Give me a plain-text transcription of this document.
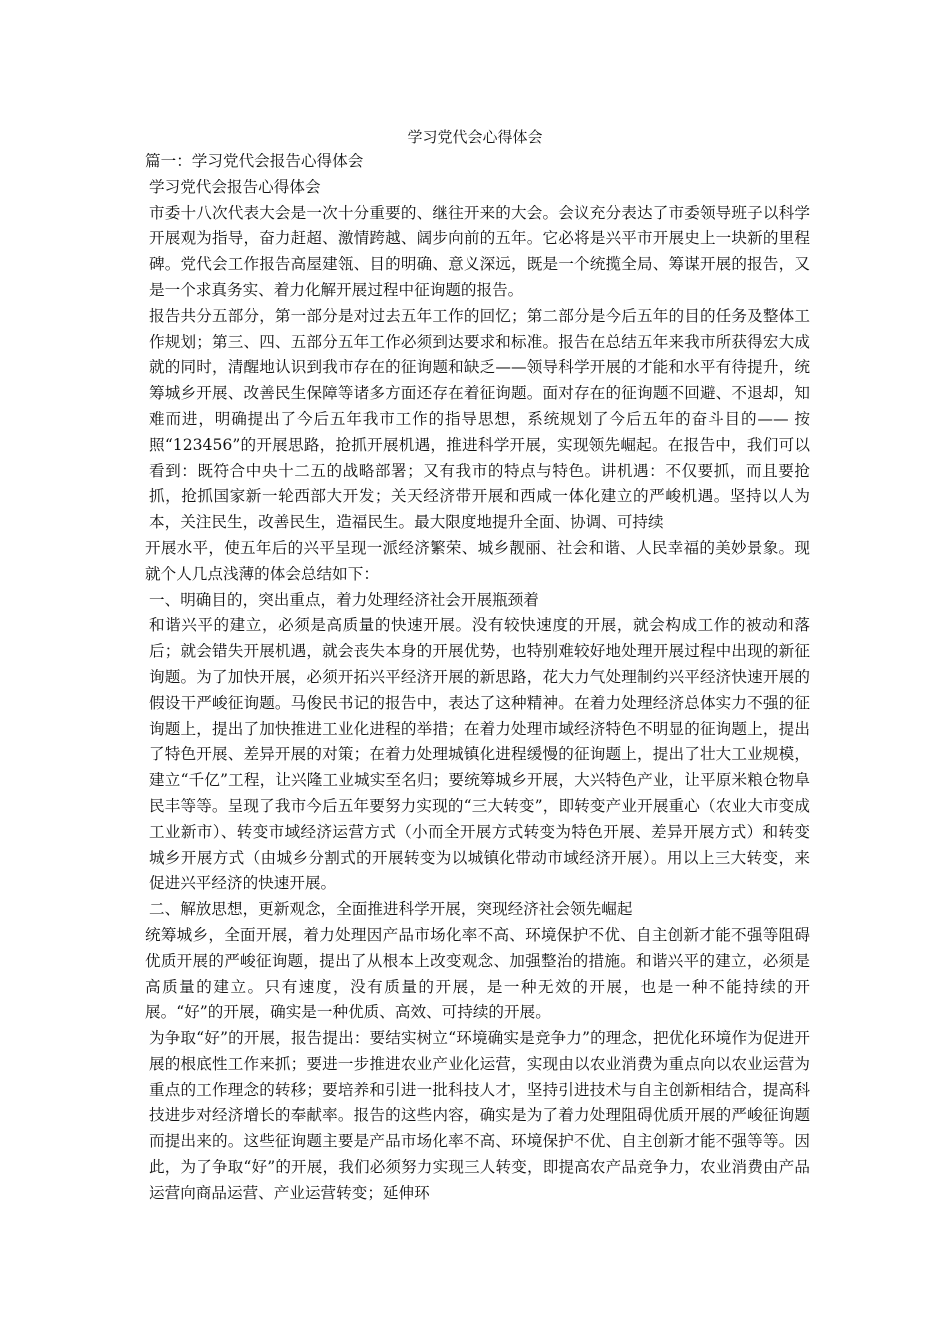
学习党代会心得体会

篇一：学习党代会报告心得体会

学习党代会报告心得体会

市委十八次代表大会是一次十分重要的、继往开来的大会。会议充分表达了市委领导班子以科学开展观为指导，奋力赶超、激情跨越、阔步向前的五年。它必将是兴平市开展史上一块新的里程碑。党代会工作报告高屋建瓴、目的明确、意义深远，既是一个统揽全局、筹谋开展的报告，又是一个求真务实、着力化解开展过程中征询题的报告。

报告共分五部分，第一部分是对过去五年工作的回忆；第二部分是今后五年的目的任务及整体工作规划；第三、四、五部分五年工作必须到达要求和标准。报告在总结五年来我市所获得宏大成就的同时，清醒地认识到我市存在的征询题和缺乏——领导科学开展的才能和水平有待提升，统筹城乡开展、改善民生保障等诸多方面还存在着征询题。面对存在的征询题不回避、不退却，知难而进，明确提出了今后五年我市工作的指导思想，系统规划了今后五年的奋斗目的—— 按照“123456”的开展思路，抢抓开展机遇，推进科学开展，实现领先崛起。在报告中，我们可以看到：既符合中央十二五的战略部署；又有我市的特点与特色。讲机遇：不仅要抓，而且要抢抓，抢抓国家新一轮西部大开发；关天经济带开展和西咸一体化建立的严峻机遇。坚持以人为本，关注民生，改善民生，造福民生。最大限度地提升全面、协调、可持续

开展水平，使五年后的兴平呈现一派经济繁荣、城乡靓丽、社会和谐、人民幸福的美妙景象。现就个人几点浅薄的体会总结如下：

一、明确目的，突出重点，着力处理经济社会开展瓶颈着

和谐兴平的建立，必须是高质量的快速开展。没有较快速度的开展，就会构成工作的被动和落后；就会错失开展机遇，就会丧失本身的开展优势，也特别难较好地处理开展过程中出现的新征询题。为了加快开展，必须开拓兴平经济开展的新思路，花大力气处理制约兴平经济快速开展的假设干严峻征询题。马俊民书记的报告中，表达了这种精神。在着力处理经济总体实力不强的征询题上，提出了加快推进工业化进程的举措；在着力处理市域经济特色不明显的征询题上，提出了特色开展、差异开展的对策；在着力处理城镇化进程缓慢的征询题上，提出了壮大工业规模，建立“千亿”工程，让兴隆工业城实至名归；要统筹城乡开展，大兴特色产业，让平原米粮仓物阜民丰等等。呈现了我市今后五年要努力实现的“三大转变”，即转变产业开展重心（农业大市变成工业新市）、转变市域经济运营方式（小而全开展方式转变为特色开展、差异开展方式）和转变城乡开展方式（由城乡分割式的开展转变为以城镇化带动市域经济开展）。用以上三大转变，来促进兴平经济的快速开展。

二、解放思想，更新观念，全面推进科学开展，突现经济社会领先崛起

统筹城乡，全面开展，着力处理因产品市场化率不高、环境保护不优、自主创新才能不强等阻碍优质开展的严峻征询题，提出了从根本上改变观念、加强整治的措施。和谐兴平的建立，必须是高质量的建立。只有速度，没有质量的开展，是一种无效的开展，也是一种不能持续的开展。“好”的开展，确实是一种优质、高效、可持续的开展。

为争取“好”的开展，报告提出：要结实树立“环境确实是竞争力”的理念，把优化环境作为促进开展的根底性工作来抓；要进一步推进农业产业化运营，实现由以农业消费为重点向以农业运营为重点的工作理念的转移；要培养和引进一批科技人才，坚持引进技术与自主创新相结合，提高科技进步对经济增长的奉献率。报告的这些内容，确实是为了着力处理阻碍优质开展的严峻征询题而提出来的。这些征询题主要是产品市场化率不高、环境保护不优、自主创新才能不强等等。因此，为了争取“好”的开展，我们必须努力实现三人转变，即提高农产品竞争力，农业消费由产品运营向商品运营、产业运营转变；延伸环
